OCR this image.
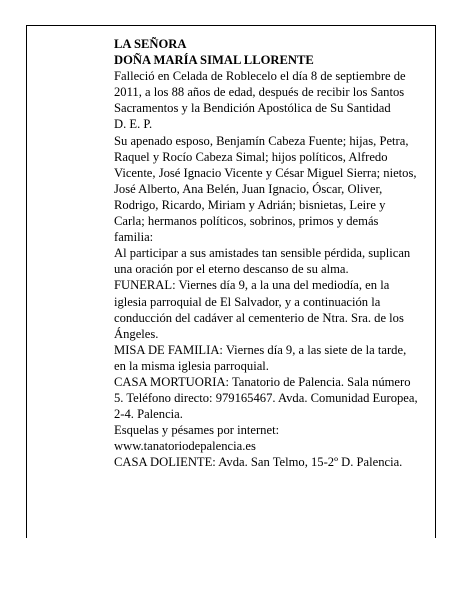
LA SEÑORA

DOÑA MARÍA SIMAL LLORENTE

Falleció en Celada de Roblecelo el día 8 de septiembre de 2011, a los 88 años de edad, después de recibir los Santos Sacramentos y la Bendición Apostólica de Su Santidad

D. E. P.

Su apenado esposo, Benjamín Cabeza Fuente; hijas, Petra, Raquel y Rocío Cabeza Simal; hijos políticos, Alfredo Vicente, José Ignacio Vicente y César Miguel Sierra; nietos, José Alberto, Ana Belén, Juan Ignacio, Óscar, Oliver, Rodrigo, Ricardo, Miriam y Adrián; bisnietas, Leire y Carla; hermanos políticos, sobrinos, primos y demás familia:

Al participar a sus amistades tan sensible pérdida, suplican una oración por el eterno descanso de su alma.

FUNERAL: Viernes día 9, a la una del mediodía, en la iglesia parroquial de El Salvador, y a continuación la conducción del cadáver al cementerio de Ntra. Sra. de los Ángeles.

MISA DE FAMILIA: Viernes día 9, a las siete de la tarde, en la misma iglesia parroquial.

CASA MORTUORIA: Tanatorio de Palencia. Sala número 5. Teléfono directo: 979165467. Avda. Comunidad Europea, 2-4. Palencia.

Esquelas y pésames por internet: www.tanatoriodepalencia.es

CASA DOLIENTE: Avda. San Telmo, 15-2º D. Palencia.
